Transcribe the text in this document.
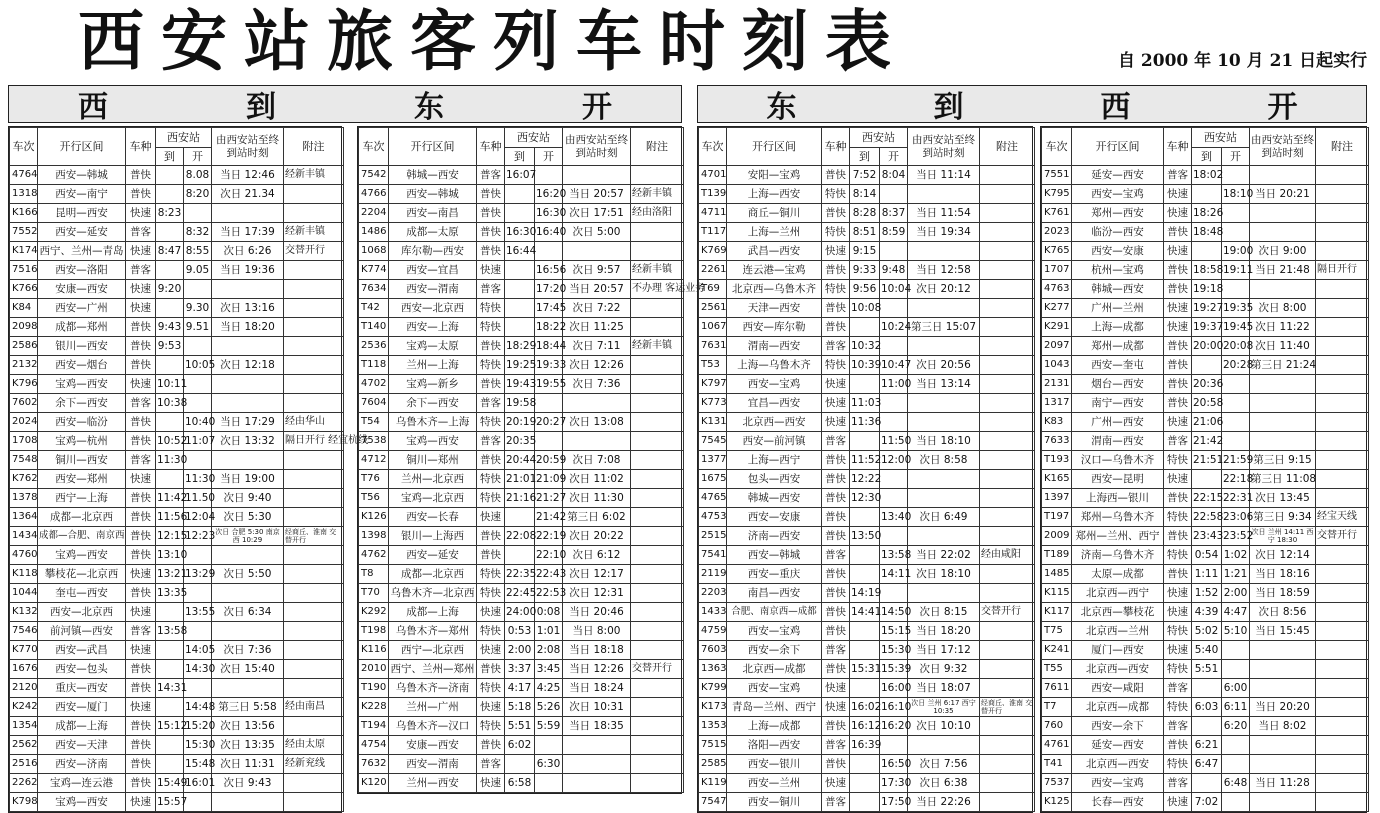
西安站旅客列车时刻表	自 2000 年 10 月 21 日起实行
西	到	东	开	东	到	西	开
车次	开行区间	车种	西安站		由西安站至终到站时刻	附注
			到	开		
4764	西安—韩城	普快		8.08	当日 12:46	经新丰镇
1318	西安—南宁	普快		8:20	次日 21.34	
K166	昆明—西安	快速	8:23			
7552	西安—延安	普客		8:32	当日 17:39	经新丰镇
K174	西宁、兰州—青岛	快速	8:47	8:55	次日 6:26	交替开行
7516	西安—洛阳	普客		9.05	当日 19:36	
K766	安康—西安	快速	9:20			
K84	西安—广州	快速		9.30	次日 13:16	
2098	成都—郑州	普快	9:43	9.51	当日 18:20	
2586	银川—西安	普快	9:53			
2132	西安—烟台	普快		10:05	次日 12:18	
K796	宝鸡—西安	快速	10:11			
7602	余下—西安	普客	10:38			
2024	西安—临汾	普快		10:40	当日 17:29	经由华山
1708	宝鸡—杭州	普快	10:52	11:07	次日 13:32	隔日开行 经宜杭线
7548	铜川—西安	普客	11:30			
K762	西安—郑州	快速		11:30	当日 19:00	
1378	西宁—上海	普快	11:42	11.50	次日 9:40	
1364	成都—北京西	普快	11:56	12:04	次日 5:30	
1434	成都—合肥、南京西	普快	12:15	12:23	次日 合肥 5:30 南京西 10:29	经商丘、淮南 交替开行
4760	宝鸡—西安	普快	13:10			
K118	攀枝花—北京西	快速	13:21	13:29	次日 5:50	
1044	奎屯—西安	普快	13:35			
K132	西安—北京西	快速		13:55	次日 6:34	
7546	前河镇—西安	普客	13:58			
K770	西安—武昌	快速		14:05	次日 7:36	
1676	西安—包头	普快		14:30	次日 15:40	
2120	重庆—西安	普快	14:31			
K242	西安—厦门	快速		14:48	第三日 5:58	经由南昌
1354	成都—上海	普快	15:12	15:20	次日 13:56	
2562	西安—天津	普快		15:30	次日 13:35	经由太原
2516	西安—济南	普快		15:48	次日 11:31	经新兖线
2262	宝鸡—连云港	普快	15:49	16:01	次日 9:43	
K798	宝鸡—西安	快速	15:57			
车次	开行区间	车种	西安站		由西安站至终到站时刻	附注
			到	开		
7542	韩城—西安	普客	16:07			
4766	西安—韩城	普快		16:20	当日 20:57	经新丰镇
2204	西安—南昌	普快		16:30	次日 17:51	经由洛阳
1486	成都—太原	普快	16:30	16:40	次日 5:00	
1068	库尔勒—西安	普快	16:44			
K774	西安—宜昌	快速		16:56	次日 9:57	经新丰镇
7634	西安—渭南	普客		17:20	当日 20:57	不办理 客运业务
T42	西安—北京西	特快		17:45	次日 7:22	
T140	西安—上海	特快		18:22	次日 11:25	
2536	宝鸡—太原	普快	18:29	18:44	次日 7:11	经新丰镇
T118	兰州—上海	特快	19:25	19:33	次日 12:26	
4702	宝鸡—新乡	普快	19:43	19:55	次日 7:36	
7604	余下—西安	普客	19:58			
T54	乌鲁木齐—上海	特快	20:19	20:27	次日 13:08	
7538	宝鸡—西安	普客	20:35			
4712	铜川—郑州	普快	20:44	20:59	次日 7:08	
T76	兰州—北京西	特快	21:01	21:09	次日 11:02	
T56	宝鸡—北京西	特快	21:16	21:27	次日 11:30	
K126	西安—长春	快速		21:42	第三日 6:02	
1398	银川—上海西	普快	22:08	22:19	次日 20:22	
4762	西安—延安	普快		22:10	次日 6:12	
T8	成都—北京西	特快	22:35	22:43	次日 12:17	
T70	乌鲁木齐—北京西	特快	22:45	22:53	次日 12:31	
K292	成都—上海	快速	24:00	0:08	当日 20:46	
T198	乌鲁木齐—郑州	特快	0:53	1:01	当日 8:00	
K116	西宁—北京西	快速	2:00	2:08	当日 18:18	
2010	西宁、兰州—郑州	普快	3:37	3:45	当日 12:26	交替开行
T190	乌鲁木齐—济南	特快	4:17	4:25	当日 18:24	
K228	兰州—广州	快速	5:18	5:26	次日 10:31	
T194	乌鲁木齐—汉口	特快	5:51	5:59	当日 18:35	
4754	安康—西安	普快	6:02			
7632	西安—渭南	普客		6:30		
K120	兰州—西安	快速	6:58			
车次	开行区间	车种	西安站		由西安站至终到站时刻	附注
			到	开		
4701	安阳—宝鸡	普快	7:52	8:04	当日 11:14	
T139	上海—西安	特快	8:14			
4711	商丘—铜川	普快	8:28	8:37	当日 11:54	
T117	上海—兰州	特快	8:51	8:59	当日 19:34	
K769	武昌—西安	快速	9:15			
2261	连云港—宝鸡	普快	9:33	9:48	当日 12:58	
T69	北京西—乌鲁木齐	特快	9:56	10:04	次日 20:12	
2561	天津—西安	普快	10:08			
1067	西安—库尔勒	普快		10:24	第三日 15:07	
7631	渭南—西安	普客	10:32			
T53	上海—乌鲁木齐	特快	10:39	10:47	次日 20:56	
K797	西安—宝鸡	快速		11:00	当日 13:14	
K773	宜昌—西安	快速	11:03			
K131	北京西—西安	快速	11:36			
7545	西安—前河镇	普客		11:50	当日 18:10	
1377	上海—西宁	普快	11:52	12:00	次日 8:58	
1675	包头—西安	普快	12:22			
4765	韩城—西安	普快	12:30			
4753	西安—安康	普快		13:40	次日 6:49	
2515	济南—西安	普快	13:50			
7541	西安—韩城	普客		13:58	当日 22:02	经由咸阳
2119	西安—重庆	普快		14:11	次日 18:10	
2203	南昌—西安	普快	14:19			
1433	合肥、南京西—成都	普快	14:41	14:50	次日 8:15	交替开行
4759	西安—宝鸡	普快		15:15	当日 18:20	
7603	西安—余下	普客		15:30	当日 17:12	
1363	北京西—成都	普快	15:31	15:39	次日 9:32	
K799	西安—宝鸡	快速		16:00	当日 18:07	
K173	青岛—兰州、西宁	快速	16:02	16:10	次日 兰州 6:17 西宁 10:35	经商丘、淮南 交替开行
1353	上海—成都	普快	16:12	16:20	次日 10:10	
7515	洛阳—西安	普客	16:39			
2585	西安—银川	普快		16:50	次日 7:56	
K119	西安—兰州	快速		17:30	次日 6:38	
7547	西安—铜川	普客		17:50	当日 22:26	
车次	开行区间	车种	西安站		由西安站至终到站时刻	附注
			到	开		
7551	延安—西安	普客	18:02			
K795	西安—宝鸡	快速		18:10	当日 20:21	
K761	郑州—西安	快速	18:26			
2023	临汾—西安	普快	18:48			
K765	西安—安康	快速		19:00	次日 9:00	
1707	杭州—宝鸡	普快	18:58	19:11	当日 21:48	隔日开行
4763	韩城—西安	普快	19:18			
K277	广州—兰州	快速	19:27	19:35	次日 8:00	
K291	上海—成都	快速	19:37	19:45	次日 11:22	
2097	郑州—成都	普快	20:00	20:08	次日 11:40	
1043	西安—奎屯	普快		20:28	第三日 21:24	
2131	烟台—西安	普快	20:36			
1317	南宁—西安	普快	20:58			
K83	广州—西安	快速	21:06			
7633	渭南—西安	普客	21:42			
T193	汉口—乌鲁木齐	特快	21:51	21:59	第三日 9:15	
K165	西安—昆明	快速		22:18	第三日 11:08	
1397	上海西—银川	普快	22:15	22:31	次日 13:45	
T197	郑州—乌鲁木齐	特快	22:58	23:06	第三日 9:34	经宝天线
2009	郑州—兰州、西宁	普快	23:43	23:52	次日 兰州 14:11 西宁 18:30	交替开行
T189	济南—乌鲁木齐	特快	0:54	1:02	次日 12:14	
1485	太原—成都	普快	1:11	1:21	当日 18:16	
K115	北京西—西宁	快速	1:52	2:00	当日 18:59	
K117	北京西—攀枝花	快速	4:39	4:47	次日 8:56	
T75	北京西—兰州	特快	5:02	5:10	当日 15:45	
K241	厦门—西安	快速	5:40			
T55	北京西—西安	特快	5:51			
7611	西安—咸阳	普客		6:00		
T7	北京西—成都	特快	6:03	6:11	当日 20:20	
760	西安—余下	普客		6:20	当日 8:02	
4761	延安—西安	普快	6:21			
T41	北京西—西安	特快	6:47			
7537	西安—宝鸡	普客		6:48	当日 11:28	
K125	长春—西安	快速	7:02			
